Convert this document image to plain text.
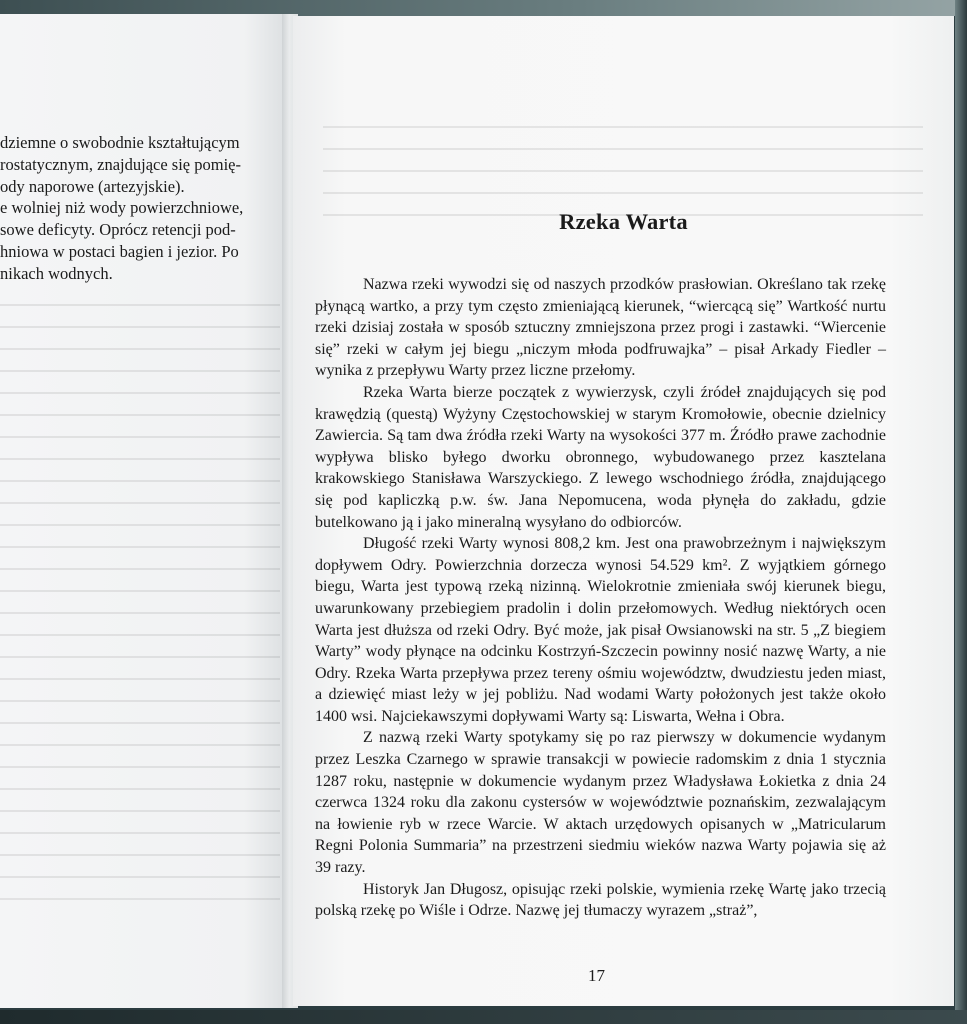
dziemne o swobodnie kształtującym
rostatycznym, znajdujące się pomię-
ody naporowe (artezyjskie).
e wolniej niż wody powierzchniowe,
sowe deficyty. Oprócz retencji pod-
hniowa w postaci bagien i jezior. Po
nikach wodnych.
Rzeka Warta

Nazwa rzeki wywodzi się od naszych przodków prasłowian. Określano tak rzekę płynącą wartko, a przy tym często zmieniającą kierunek, “wiercącą się” Wartkość nurtu rzeki dzisiaj została w sposób sztuczny zmniejszona przez progi i zastawki. “Wiercenie się” rzeki w całym jej biegu „niczym młoda podfruwajka” – pisał Arkady Fiedler – wynika z przepływu Warty przez liczne przełomy.

Rzeka Warta bierze początek z wywierzysk, czyli źródeł znajdujących się pod krawędzią (questą) Wyżyny Częstochowskiej w starym Kromołowie, obecnie dzielnicy Zawiercia. Są tam dwa źródła rzeki Warty na wysokości 377 m. Źródło prawe zachodnie wypływa blisko byłego dworku obronnego, wybudowanego przez kasztelana krakowskiego Stanisława Warszyckiego. Z lewego wschodniego źródła, znajdującego się pod kapliczką p.w. św. Jana Nepomucena, woda płynęła do zakładu, gdzie butelkowano ją i jako mineralną wysyłano do odbiorców.

Długość rzeki Warty wynosi 808,2 km. Jest ona prawobrzeżnym i największym dopływem Odry. Powierzchnia dorzecza wynosi 54.529 km². Z wyjątkiem górnego biegu, Warta jest typową rzeką nizinną. Wielokrotnie zmieniała swój kierunek biegu, uwarunkowany przebiegiem pradolin i dolin przełomowych. Według niektórych ocen Warta jest dłuższa od rzeki Odry. Być może, jak pisał Owsianowski na str. 5 „Z biegiem Warty” wody płynące na odcinku Kostrzyń-Szczecin powinny nosić nazwę Warty, a nie Odry. Rzeka Warta przepływa przez tereny ośmiu województw, dwudziestu jeden miast, a dziewięć miast leży w jej pobliżu. Nad wodami Warty położonych jest także około 1400 wsi. Najciekawszymi dopływami Warty są: Liswarta, Wełna i Obra.

Z nazwą rzeki Warty spotykamy się po raz pierwszy w dokumencie wydanym przez Leszka Czarnego w sprawie transakcji w powiecie radomskim z dnia 1 stycznia 1287 roku, następnie w dokumencie wydanym przez Władysława Łokietka z dnia 24 czerwca 1324 roku dla zakonu cystersów w województwie poznańskim, zezwalającym na łowienie ryb w rzece Warcie. W aktach urzędowych opisanych w „Matricularum Regni Polonia Summaria” na przestrzeni siedmiu wieków nazwa Warty pojawia się aż 39 razy.

Historyk Jan Długosz, opisując rzeki polskie, wymienia rzekę Wartę jako trzecią polską rzekę po Wiśle i Odrze. Nazwę jej tłumaczy wyrazem „straż”,

17
